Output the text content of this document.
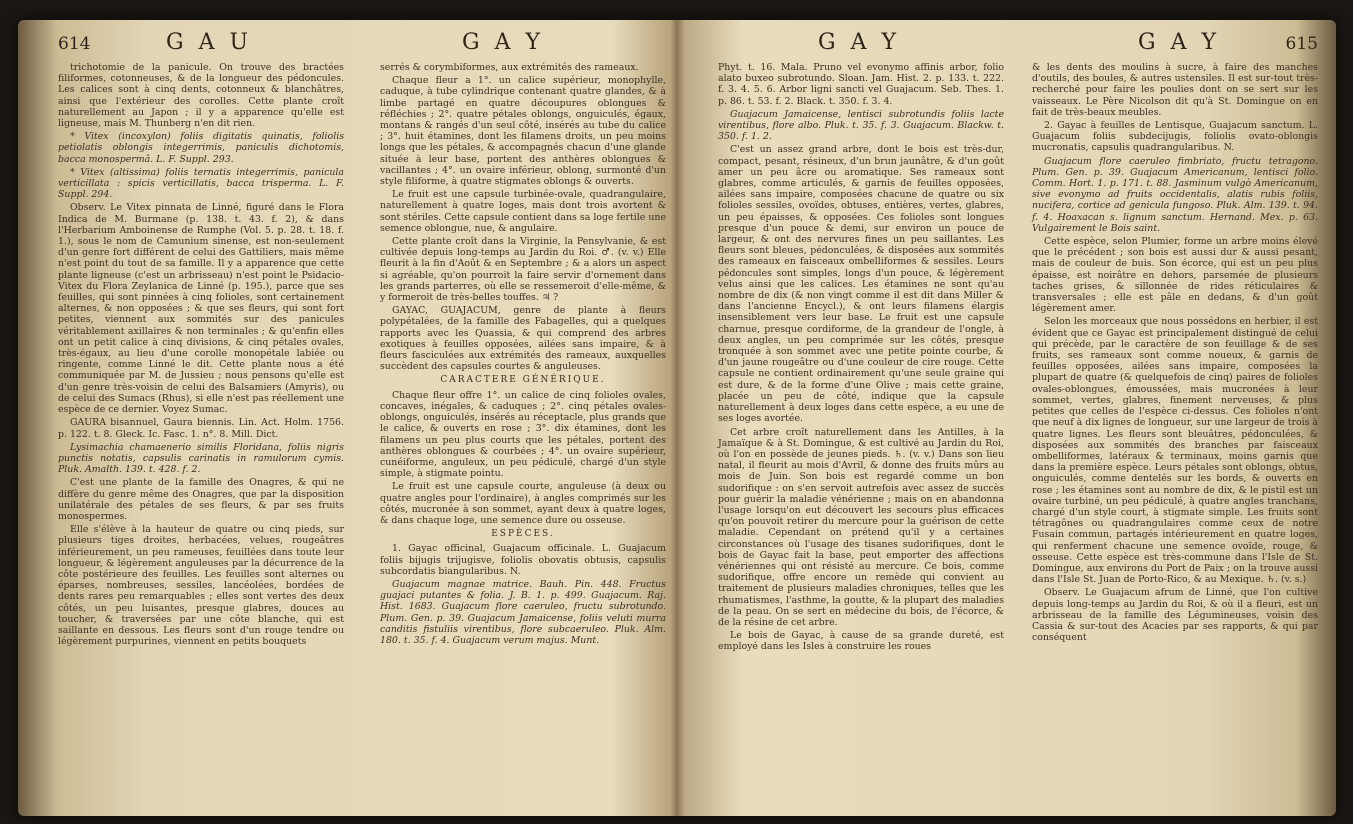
614	G A U	G A Y

trichotomie de la panicule. On trouve des bractées filiformes, cotonneuses, & de la longueur des pédoncules. Les calices sont à cinq dents, cotonneux & blanchâtres, ainsi que l'extérieur des corolles. Cette plante croît naturellement au Japon ; il y a apparence qu'elle est ligneuse, mais M. Thunberg n'en dit rien.

* Vitex (incoxylon) foliis digitatis quinatis, foliolis petiolatis oblongis integerrimis, paniculis dichotomis, bacca monospermâ. L. F. Suppl. 293.

* Vitex (altissima) foliis ternatis integerrimis, panicula verticillata : spicis verticillatis, bacca trisperma. L. F. Suppl. 294.

Observ. Le Vitex pinnata de Linné, figuré dans le Flora Indica de M. Burmane (p. 138. t. 43. f. 2), & dans l'Herbarium Amboinense de Rumphe (Vol. 5. p. 28. t. 18. f. 1.), sous le nom de Camunium sinense, est non-seulement d'un genre fort différent de celui des Gattiliers, mais même n'est point du tout de sa famille. Il y a apparence que cette plante ligneuse (c'est un arbrisseau) n'est point le Psidacio-Vitex du Flora Zeylanica de Linné (p. 195.), parce que ses feuilles, qui sont pinnées à cinq folioles, sont certainement alternes, & non opposées ; & que ses fleurs, qui sont fort petites, viennent aux sommités sur des panicules véritablement axillaires & non terminales ; & qu'enfin elles ont un petit calice à cinq divisions, & cinq pétales ovales, très-égaux, au lieu d'une corolle monopétale labiée ou ringente, comme Linné le dit. Cette plante nous a été communiquée par M. de Jussieu ; nous pensons qu'elle est d'un genre très-voisin de celui des Balsamiers (Amyris), ou de celui des Sumacs (Rhus), si elle n'est pas réellement une espèce de ce dernier. Voyez Sumac.

GAURA bisannuel, Gaura biennis. Lin. Act. Holm. 1756. p. 122. t. 8. Gleck. Ic. Fasc. 1. n°. 8. Mill. Dict.

Lysimachia chamaenerio similis Floridana, foliis nigris punctis notatis, capsulis carinatis in ramulorum cymis. Pluk. Amalth. 139. t. 428. f. 2.

C'est une plante de la famille des Onagres, & qui ne diffère du genre même des Onagres, que par la disposition unilatérale des pétales de ses fleurs, & par ses fruits monospermes.

Elle s'élève à la hauteur de quatre ou cinq pieds, sur plusieurs tiges droites, herbacées, velues, rougeâtres inférieurement, un peu rameuses, feuillées dans toute leur longueur, & légèrement anguleuses par la décurrence de la côte postérieure des feuilles. Les feuilles sont alternes ou éparses, nombreuses, sessiles, lancéolées, bordées de dents rares peu remarquables ; elles sont vertes des deux côtés, un peu luisantes, presque glabres, douces au toucher, & traversées par une côte blanche, qui est saillante en dessous. Les fleurs sont d'un rouge tendre ou légèrement purpurines, viennent en petits bouquets

serrés & corymbiformes, aux extrémités des rameaux.

Chaque fleur a 1°. un calice supérieur, monophylle, caduque, à tube cylindrique contenant quatre glandes, & à limbe partagé en quatre découpures oblongues & réfléchies ; 2°. quatre pétales oblongs, onguiculés, égaux, montans & rangés d'un seul côté, insérés au tube du calice ; 3°. huit étamines, dont les filamens droits, un peu moins longs que les pétales, & accompagnés chacun d'une glande située à leur base, portent des anthères oblongues & vacillantes ; 4°. un ovaire inférieur, oblong, surmonté d'un style filiforme, à quatre stigmates oblongs & ouverts.

Le fruit est une capsule turbinée-ovale, quadrangulaire, naturellement à quatre loges, mais dont trois avortent & sont stériles. Cette capsule contient dans sa loge fertile une semence oblongue, nue, & angulaire.

Cette plante croît dans la Virginie, la Pensylvanie, & est cultivée depuis long-temps au Jardin du Roi. ♂. (v. v.) Elle fleurit à la fin d'Août & en Septembre ; & a alors un aspect si agréable, qu'on pourroit la faire servir d'ornement dans les grands parterres, où elle se ressemeroit d'elle-même, & y formeroit de très-belles touffes. ♃ ?

GAYAC, GUAJACUM, genre de plante à fleurs polypétalées, de la famille des Fabagelles, qui a quelques rapports avec les Quassia, & qui comprend des arbres exotiques à feuilles opposées, ailées sans impaire, & à fleurs fasciculées aux extrémités des rameaux, auxquelles succèdent des capsules courtes & anguleuses.

CARACTERE GÉNÉRIQUE.

Chaque fleur offre 1°. un calice de cinq folioles ovales, concaves, inégales, & caduques ; 2°. cinq pétales ovales-oblongs, onguiculés, insérés au réceptacle, plus grands que le calice, & ouverts en rose ; 3°. dix étamines, dont les filamens un peu plus courts que les pétales, portent des anthères oblongues & courbées ; 4°. un ovaire supérieur, cunéiforme, anguleux, un peu pédiculé, chargé d'un style simple, à stigmate pointu.

Le fruit est une capsule courte, anguleuse (à deux ou quatre angles pour l'ordinaire), à angles comprimés sur les côtés, mucronée à son sommet, ayant deux à quatre loges, & dans chaque loge, une semence dure ou osseuse.

ESPÈCES.

1. Gayac officinal, Guajacum officinale. L. Guajacum foliis bijugis trijugisve, foliolis obovatis obtusis, capsulis subcordatis biangularibus. N.

Guajacum magnae matrice. Bauh. Pin. 448. Fructus guajaci putantes & folia. J. B. 1. p. 499. Guajacum. Raj. Hist. 1683. Guajacum flore caeruleo, fructu subrotundo. Plum. Gen. p. 39. Guajacum Jamaicense, foliis veluti murra canditis fistuliis virentibus, flore subcaeruleo. Pluk. Alm. 180. t. 35. f. 4. Guajacum verum majus. Munt.

G A Y	G A Y	615

Phyt. t. 16. Mala. Pruno vel evonymo affinis arbor, folio alato buxeo subrotundo. Sloan. Jam. Hist. 2. p. 133. t. 222. f. 3. 4. 5. 6. Arbor ligni sancti vel Guajacum. Seb. Thes. 1. p. 86. t. 53. f. 2. Black. t. 350. f. 3. 4.

Guajacum Jamaicense, lentisci subrotundis foliis lacte virentibus, flore albo. Pluk. t. 35. f. 3. Guajacum. Blackw. t. 350. f. 1. 2.

C'est un assez grand arbre, dont le bois est très-dur, compact, pesant, résineux, d'un brun jaunâtre, & d'un goût amer un peu âcre ou aromatique. Ses rameaux sont glabres, comme articulés, & garnis de feuilles opposées, ailées sans impaire, composées chacune de quatre ou six folioles sessiles, ovoïdes, obtuses, entières, vertes, glabres, un peu épaisses, & opposées. Ces folioles sont longues presque d'un pouce & demi, sur environ un pouce de largeur, & ont des nervures fines un peu saillantes. Les fleurs sont bleues, pédonculées, & disposées aux sommités des rameaux en faisceaux ombelliformes & sessiles. Leurs pédoncules sont simples, longs d'un pouce, & légèrement velus ainsi que les calices. Les étamines ne sont qu'au nombre de dix (& non vingt comme il est dit dans Miller & dans l'ancienne Encycl.), & ont leurs filamens élargis insensiblement vers leur base. Le fruit est une capsule charnue, presque cordiforme, de la grandeur de l'ongle, à deux angles, un peu comprimée sur les côtés, presque tronquée à son sommet avec une petite pointe courbe, & d'un jaune rougeâtre ou d'une couleur de cire rouge. Cette capsule ne contient ordinairement qu'une seule graine qui est dure, & de la forme d'une Olive ; mais cette graine, placée un peu de côté, indique que la capsule naturellement à deux loges dans cette espèce, a eu une de ses loges avortée.

Cet arbre croît naturellement dans les Antilles, à la Jamaïque & à St. Domingue, & est cultivé au Jardin du Roi, où l'on en possède de jeunes pieds. ♄. (v. v.) Dans son lieu natal, il fleurit au mois d'Avril, & donne des fruits mûrs au mois de Juin. Son bois est regardé comme un bon sudorifique : on s'en servoit autrefois avec assez de succès pour guérir la maladie vénérienne ; mais on en abandonna l'usage lorsqu'on eut découvert les secours plus efficaces qu'on pouvoit retirer du mercure pour la guérison de cette maladie. Cependant on prétend qu'il y a certaines circonstances où l'usage des tisanes sudorifiques, dont le bois de Gayac fait la base, peut emporter des affections vénériennes qui ont résisté au mercure. Ce bois, comme sudorifique, offre encore un remède qui convient au traitement de plusieurs maladies chroniques, telles que les rhumatismes, l'asthme, la goutte, & la plupart des maladies de la peau. On se sert en médecine du bois, de l'écorce, & de la résine de cet arbre.

Le bois de Gayac, à cause de sa grande dureté, est employé dans les Isles à construire les roues

& les dents des moulins à sucre, à faire des manches d'outils, des boules, & autres ustensiles. Il est sur-tout très-recherché pour faire les poulies dont on se sert sur les vaisseaux. Le Père Nicolson dit qu'à St. Domingue on en fait de très-beaux meubles.

2. Gayac à feuilles de Lentisque, Guajacum sanctum. L. Guajacum foliis subdecijugis, foliolis ovato-oblongis mucronatis, capsulis quadrangularibus. N.

Guajacum flore caeruleo fimbriato, fructu tetragono. Plum. Gen. p. 39. Guajacum Americanum, lentisci folio. Comm. Hort. 1. p. 171. t. 88. Jasminum vulgò Americanum, sive evonymo ad fruits occidentalis, alatis rubis foliis, nucifera, cortice ad genicula fungoso. Pluk. Alm. 139. t. 94. f. 4. Hoaxacan s. lignum sanctum. Hernand. Mex. p. 63. Vulgairement le Bois saint.

Cette espèce, selon Plumier, forme un arbre moins élevé que le précédent ; son bois est aussi dur & aussi pesant, mais de couleur de buis. Son écorce, qui est un peu plus épaisse, est noirâtre en dehors, parsemée de plusieurs taches grises, & sillonnée de rides réticulaires & transversales ; elle est pâle en dedans, & d'un goût légèrement amer.

Selon les morceaux que nous possédons en herbier, il est évident que ce Gayac est principalement distingué de celui qui précède, par le caractère de son feuillage & de ses fruits, ses rameaux sont comme noueux, & garnis de feuilles opposées, ailées sans impaire, composées la plupart de quatre (& quelquefois de cinq) paires de folioles ovales-oblongues, émoussées, mais mucronées à leur sommet, vertes, glabres, finement nerveuses, & plus petites que celles de l'espèce ci-dessus. Ces folioles n'ont que neuf à dix lignes de longueur, sur une largeur de trois à quatre lignes. Les fleurs sont bleuâtres, pédonculées, & disposées aux sommités des branches par faisceaux ombelliformes, latéraux & terminaux, moins garnis que dans la première espèce. Leurs pétales sont oblongs, obtus, onguiculés, comme dentelés sur les bords, & ouverts en rose ; les étamines sont au nombre de dix, & le pistil est un ovaire turbiné, un peu pédiculé, à quatre angles tranchans, chargé d'un style court, à stigmate simple. Les fruits sont tétragônes ou quadrangulaires comme ceux de notre Fusain commun, partagés intérieurement en quatre loges, qui renferment chacune une semence ovoïde, rouge, & osseuse. Cette espèce est très-commune dans l'Isle de St. Domingue, aux environs du Port de Paix ; on la trouve aussi dans l'Isle St. Juan de Porto-Rico, & au Mexique. ♄. (v. s.)

Observ. Le Guajacum afrum de Linné, que l'on cultive depuis long-temps au Jardin du Roi, & où il a fleuri, est un arbrisseau de la famille des Légumineuses, voisin des Cassia & sur-tout des Acacies par ses rapports, & qui par conséquent
